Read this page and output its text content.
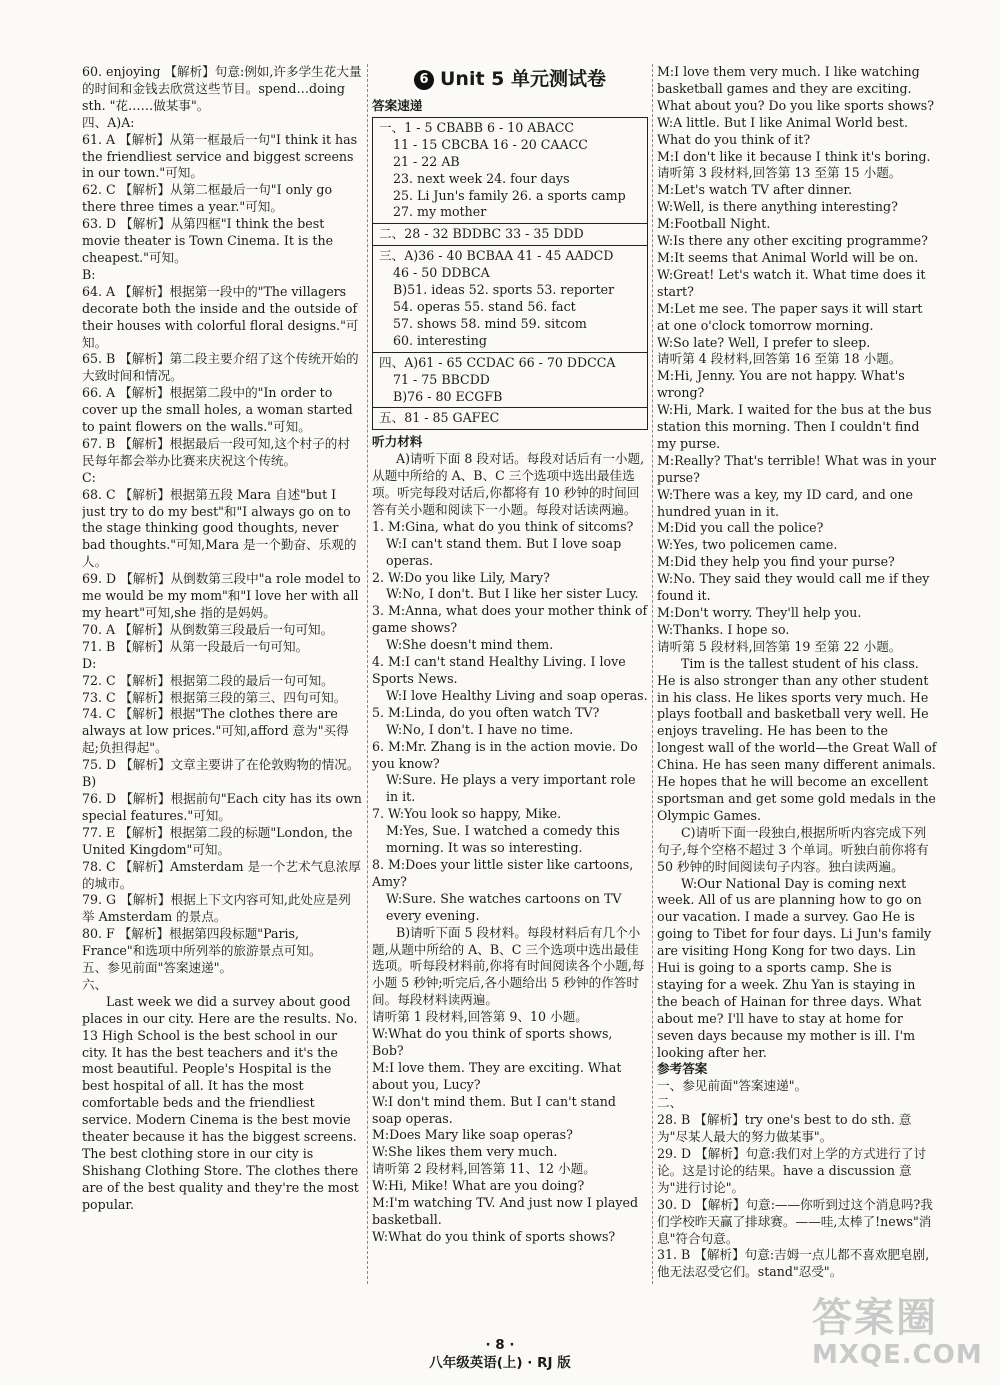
60. enjoying 【解析】句意:例如,许多学生花大量的时间和金钱去欣赏这些节目。spend…doing sth. "花……做某事"。

四、A)A:

61. A 【解析】从第一框最后一句"I think it has the friendliest service and biggest screens in our town."可知。

62. C 【解析】从第二框最后一句"I only go there three times a year."可知。

63. D 【解析】从第四框"I think the best movie theater is Town Cinema. It is the cheapest."可知。

B:

64. A 【解析】根据第一段中的"The villagers decorate both the inside and the outside of their houses with colorful floral designs."可知。

65. B 【解析】第二段主要介绍了这个传统开始的大致时间和情况。

66. A 【解析】根据第二段中的"In order to cover up the small holes, a woman started to paint flowers on the walls."可知。

67. B 【解析】根据最后一段可知,这个村子的村民每年都会举办比赛来庆祝这个传统。

C:

68. C 【解析】根据第五段 Mara 自述"but I just try to do my best"和"I always go on to the stage thinking good thoughts, never bad thoughts."可知,Mara 是一个勤奋、乐观的人。

69. D 【解析】从倒数第三段中"a role model to me would be my mom"和"I love her with all my heart"可知,she 指的是妈妈。

70. A 【解析】从倒数第三段最后一句可知。

71. B 【解析】从第一段最后一句可知。

D:

72. C 【解析】根据第二段的最后一句可知。

73. C 【解析】根据第三段的第三、四句可知。

74. C 【解析】根据"The clothes there are always at low prices."可知,afford 意为"买得起;负担得起"。

75. D 【解析】文章主要讲了在伦敦购物的情况。

B)

76. D 【解析】根据前句"Each city has its own special features."可知。

77. E 【解析】根据第二段的标题"London, the United Kingdom"可知。

78. C 【解析】Amsterdam 是一个艺术气息浓厚的城市。

79. G 【解析】根据上下文内容可知,此处应是列举 Amsterdam 的景点。

80. F 【解析】根据第四段标题"Paris, France"和选项中所列举的旅游景点可知。

五、参见前面"答案速递"。

六、

Last week we did a survey about good places in our city. Here are the results. No. 13 High School is the best school in our city. It has the best teachers and it's the most beautiful. People's Hospital is the best hospital of all. It has the most comfortable beds and the friendliest service. Modern Cinema is the best movie theater because it has the biggest screens. The best clothing store in our city is Shishang Clothing Store. The clothes there are of the best quality and they're the most popular.

6 Unit 5 单元测试卷

答案速递

一、1 - 5 CBABB 6 - 10 ABACC

11 - 15 CBCBA 16 - 20 CAACC

21 - 22 AB

23. next week 24. four days

25. Li Jun's family 26. a sports camp

27. my mother

二、28 - 32 BDDBC 33 - 35 DDD

三、A)36 - 40 BCBAA 41 - 45 AADCD

46 - 50 DDBCA

B)51. ideas 52. sports 53. reporter

54. operas 55. stand 56. fact

57. shows 58. mind 59. sitcom

60. interesting

四、A)61 - 65 CCDAC 66 - 70 DDCCA

71 - 75 BBCDD

B)76 - 80 ECGFB

五、81 - 85 GAFEC

听力材料

A)请听下面 8 段对话。每段对话后有一小题,从题中所给的 A、B、C 三个选项中选出最佳选项。听完每段对话后,你都将有 10 秒钟的时间回答有关小题和阅读下一小题。每段对话读两遍。

1. M:Gina, what do you think of sitcoms?

W:I can't stand them. But I love soap operas.

2. W:Do you like Lily, Mary?

W:No, I don't. But I like her sister Lucy.

3. M:Anna, what does your mother think of game shows?

W:She doesn't mind them.

4. M:I can't stand Healthy Living. I love Sports News.

W:I love Healthy Living and soap operas.

5. M:Linda, do you often watch TV?

W:No, I don't. I have no time.

6. M:Mr. Zhang is in the action movie. Do you know?

W:Sure. He plays a very important role in it.

7. W:You look so happy, Mike.

M:Yes, Sue. I watched a comedy this morning. It was so interesting.

8. M:Does your little sister like cartoons, Amy?

W:Sure. She watches cartoons on TV every evening.

B)请听下面 5 段材料。每段材料后有几个小题,从题中所给的 A、B、C 三个选项中选出最佳选项。听每段材料前,你将有时间阅读各个小题,每小题 5 秒钟;听完后,各小题给出 5 秒钟的作答时间。每段材料读两遍。

请听第 1 段材料,回答第 9、10 小题。

W:What do you think of sports shows, Bob?

M:I love them. They are exciting. What about you, Lucy?

W:I don't mind them. But I can't stand soap operas.

M:Does Mary like soap operas?

W:She likes them very much.

请听第 2 段材料,回答第 11、12 小题。

W:Hi, Mike! What are you doing?

M:I'm watching TV. And just now I played basketball.

W:What do you think of sports shows?

M:I love them very much. I like watching basketball games and they are exciting. What about you? Do you like sports shows?

W:A little. But I like Animal World best. What do you think of it?

M:I don't like it because I think it's boring.

请听第 3 段材料,回答第 13 至第 15 小题。

M:Let's watch TV after dinner.

W:Well, is there anything interesting?

M:Football Night.

W:Is there any other exciting programme?

M:It seems that Animal World will be on.

W:Great! Let's watch it. What time does it start?

M:Let me see. The paper says it will start at one o'clock tomorrow morning.

W:So late? Well, I prefer to sleep.

请听第 4 段材料,回答第 16 至第 18 小题。

M:Hi, Jenny. You are not happy. What's wrong?

W:Hi, Mark. I waited for the bus at the bus station this morning. Then I couldn't find my purse.

M:Really? That's terrible! What was in your purse?

W:There was a key, my ID card, and one hundred yuan in it.

M:Did you call the police?

W:Yes, two policemen came.

M:Did they help you find your purse?

W:No. They said they would call me if they found it.

M:Don't worry. They'll help you.

W:Thanks. I hope so.

请听第 5 段材料,回答第 19 至第 22 小题。

Tim is the tallest student of his class. He is also stronger than any other student in his class. He likes sports very much. He plays football and basketball very well. He enjoys traveling. He has been to the longest wall of the world—the Great Wall of China. He has seen many different animals. He hopes that he will become an excellent sportsman and get some gold medals in the Olympic Games.

C)请听下面一段独白,根据所听内容完成下列句子,每个空格不超过 3 个单词。听独白前你将有 50 秒钟的时间阅读句子内容。独白读两遍。

W:Our National Day is coming next week. All of us are planning how to go on our vacation. I made a survey. Gao He is going to Tibet for four days. Li Jun's family are visiting Hong Kong for two days. Lin Hui is going to a sports camp. She is staying for a week. Zhu Yan is staying in the beach of Hainan for three days. What about me? I'll have to stay at home for seven days because my mother is ill. I'm looking after her.

参考答案

一、参见前面"答案速递"。

二、

28. B 【解析】try one's best to do sth. 意为"尽某人最大的努力做某事"。

29. D 【解析】句意:我们对上学的方式进行了讨论。这是讨论的结果。have a discussion 意为"进行讨论"。

30. D 【解析】句意:——你听到过这个消息吗?我们学校昨天赢了排球赛。——哇,太棒了!news"消息"符合句意。

31. B 【解析】句意:吉姆一点儿都不喜欢肥皂剧,他无法忍受它们。stand"忍受"。

· 8 ·
八年级英语(上) · RJ 版
答案圈
MXQE.COM
